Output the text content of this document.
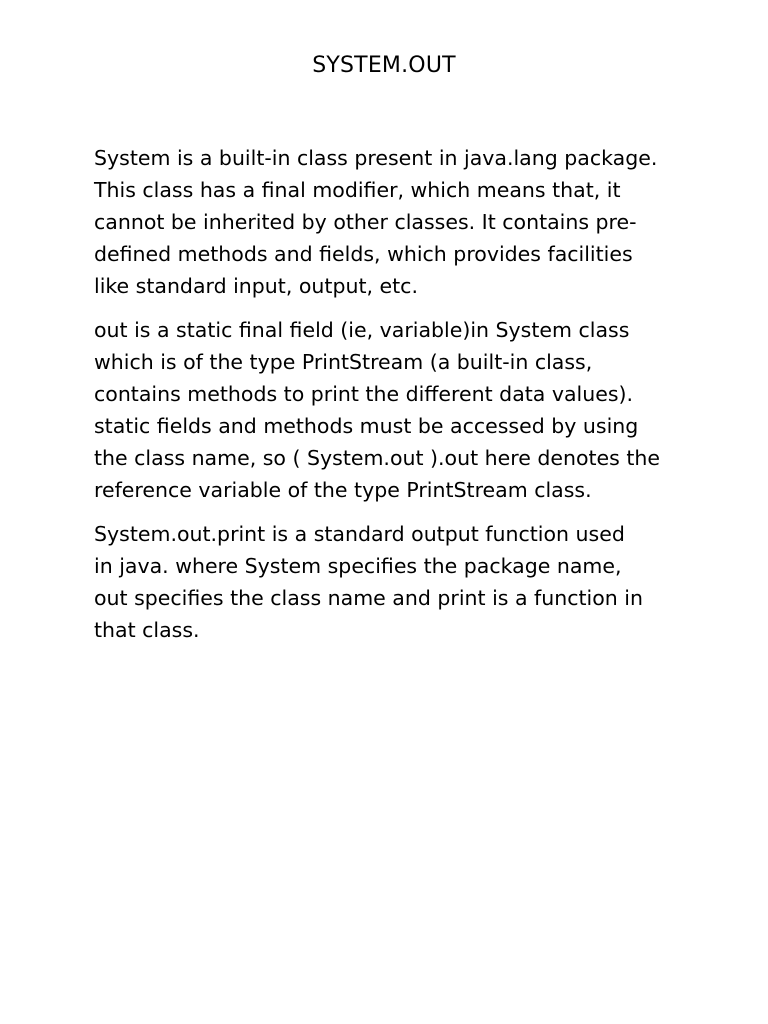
SYSTEM.OUT

System is a built-in class present in java.lang package.
This class has a final modifier, which means that, it
cannot be inherited by other classes. It contains pre-
defined methods and fields, which provides facilities
like standard input, output, etc.

out is a static final field (ie, variable)in System class
which is of the type PrintStream (a built-in class,
contains methods to print the different data values).
static fields and methods must be accessed by using
the class name, so ( System.out ).out here denotes the
reference variable of the type PrintStream class.

System.out.print is a standard output function used
in java. where System specifies the package name,
out specifies the class name and print is a function in
that class.
